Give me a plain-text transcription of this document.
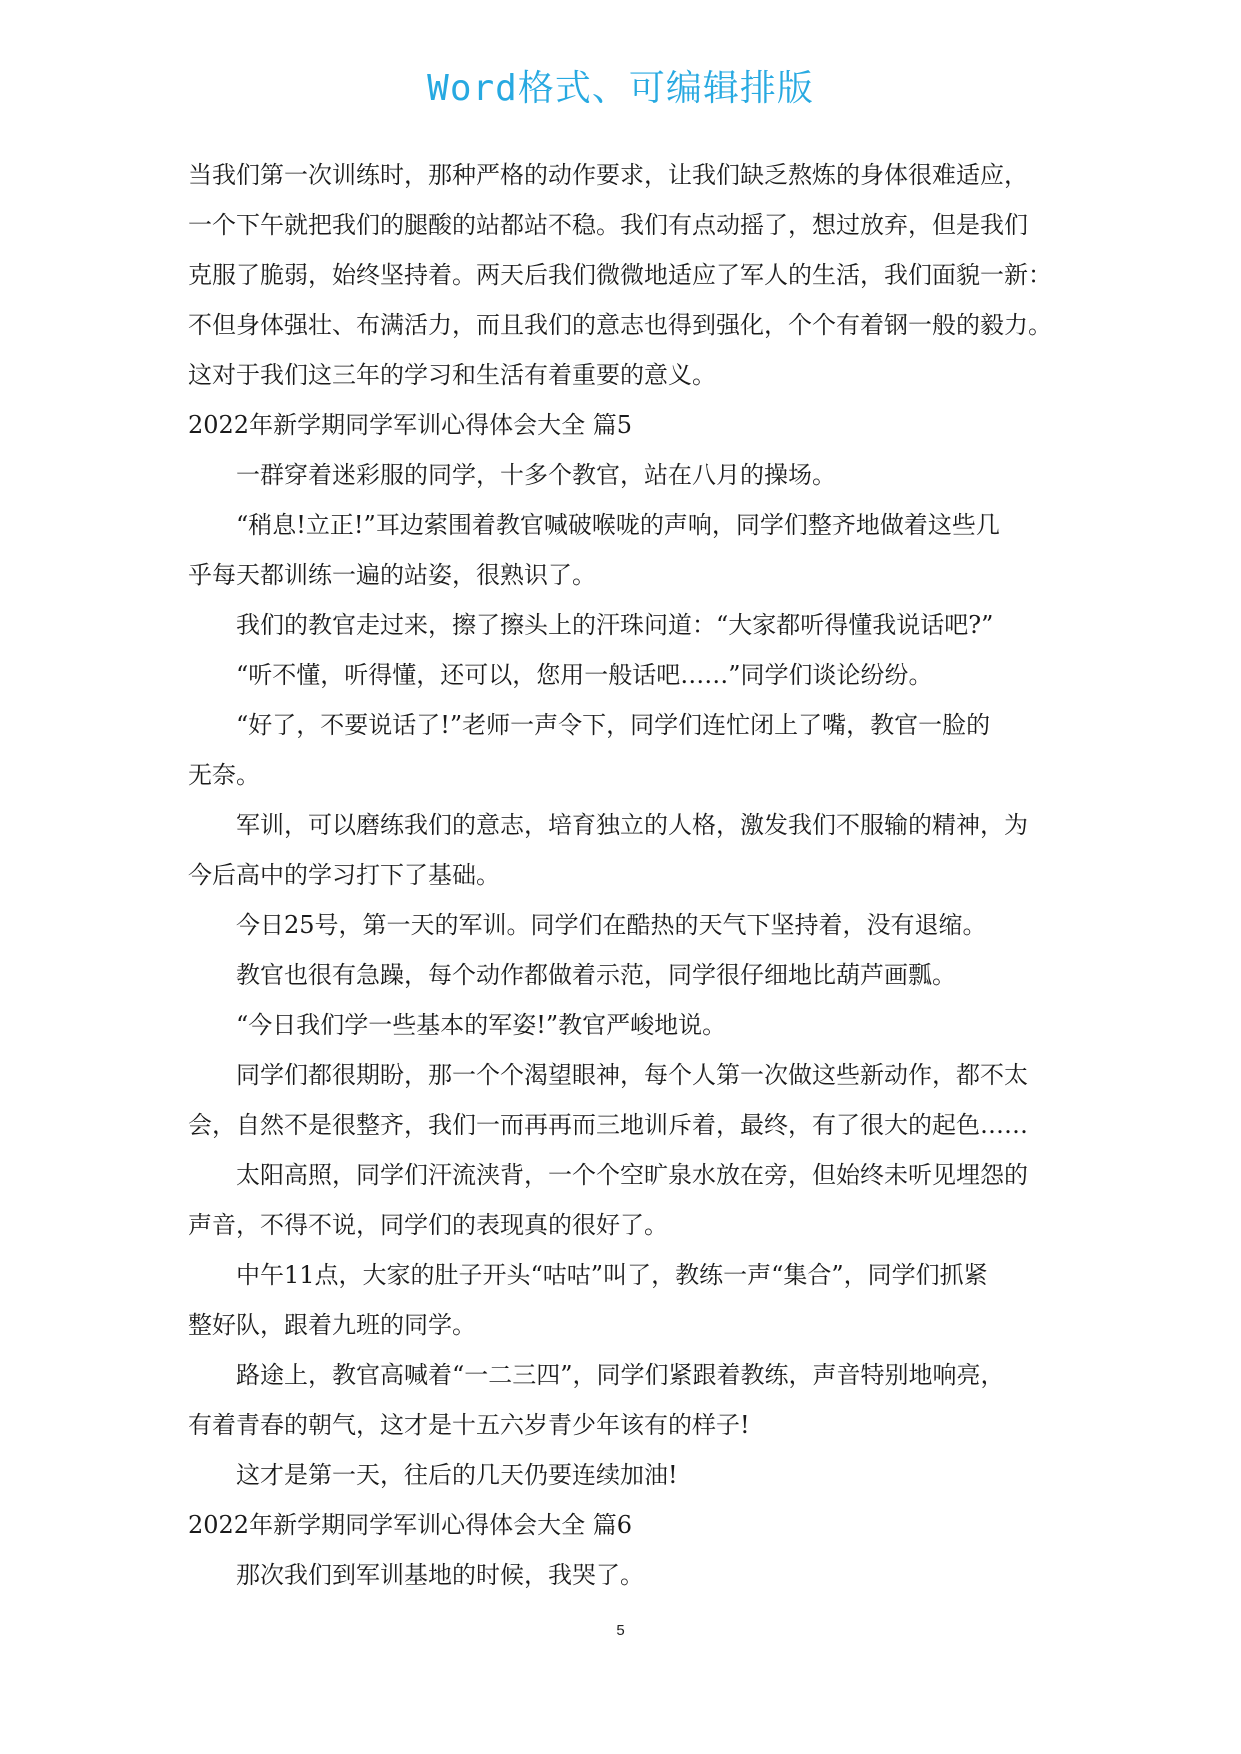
Word格式、可编辑排版
当我们第一次训练时，那种严格的动作要求，让我们缺乏熬炼的身体很难适应，
一个下午就把我们的腿酸的站都站不稳。我们有点动摇了，想过放弃，但是我们
克服了脆弱，始终坚持着。两天后我们微微地适应了军人的生活，我们面貌一新：
不但身体强壮、布满活力，而且我们的意志也得到强化，个个有着钢一般的毅力。
这对于我们这三年的学习和生活有着重要的意义。
2022年新学期同学军训心得体会大全 篇5
一群穿着迷彩服的同学，十多个教官，站在八月的操场。
“稍息!立正!”耳边萦围着教官喊破喉咙的声响，同学们整齐地做着这些几
乎每天都训练一遍的站姿，很熟识了。
我们的教官走过来，擦了擦头上的汗珠问道：“大家都听得懂我说话吧?”
“听不懂，听得懂，还可以，您用一般话吧……”同学们谈论纷纷。
“好了，不要说话了!”老师一声令下，同学们连忙闭上了嘴，教官一脸的
无奈。
军训，可以磨练我们的意志，培育独立的人格，激发我们不服输的精神，为
今后高中的学习打下了基础。
今日25号，第一天的军训。同学们在酷热的天气下坚持着，没有退缩。
教官也很有急躁，每个动作都做着示范，同学很仔细地比葫芦画瓢。
“今日我们学一些基本的军姿!”教官严峻地说。
同学们都很期盼，那一个个渴望眼神，每个人第一次做这些新动作，都不太
会，自然不是很整齐，我们一而再再而三地训斥着，最终，有了很大的起色……
太阳高照，同学们汗流浃背，一个个空旷泉水放在旁，但始终未听见埋怨的
声音，不得不说，同学们的表现真的很好了。
中午11点，大家的肚子开头“咕咕”叫了，教练一声“集合”，同学们抓紧
整好队，跟着九班的同学。
路途上，教官高喊着“一二三四”，同学们紧跟着教练，声音特别地响亮，
有着青春的朝气，这才是十五六岁青少年该有的样子!
这才是第一天，往后的几天仍要连续加油!
2022年新学期同学军训心得体会大全 篇6
那次我们到军训基地的时候，我哭了。
5
